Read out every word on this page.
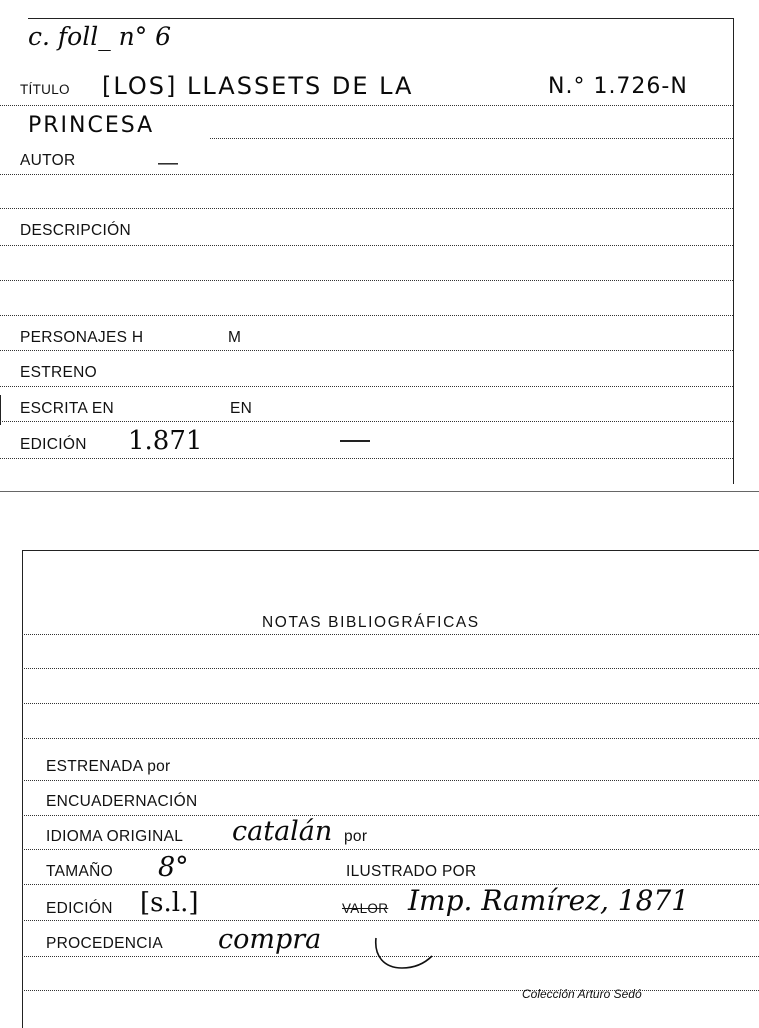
c. foll_ n° 6
TÍTULO [LOS] LLASSETS DE LA	N.° 1.726-N
PRINCESA
AUTOR	—
DESCRIPCIÓN
PERSONAJES H	M
ESTRENO
ESCRITA EN	EN
EDICIÓN 1.871
NOTAS BIBLIOGRÁFICAS
ESTRENADA por
ENCUADERNACIÓN
IDIOMA ORIGINAL catalán por
TAMAÑO 8°	ILUSTRADO POR
EDICIÓN [s.l.]	VALOR Imp. Ramírez, 1871
PROCEDENCIA compra
Colección Arturo Sedó
